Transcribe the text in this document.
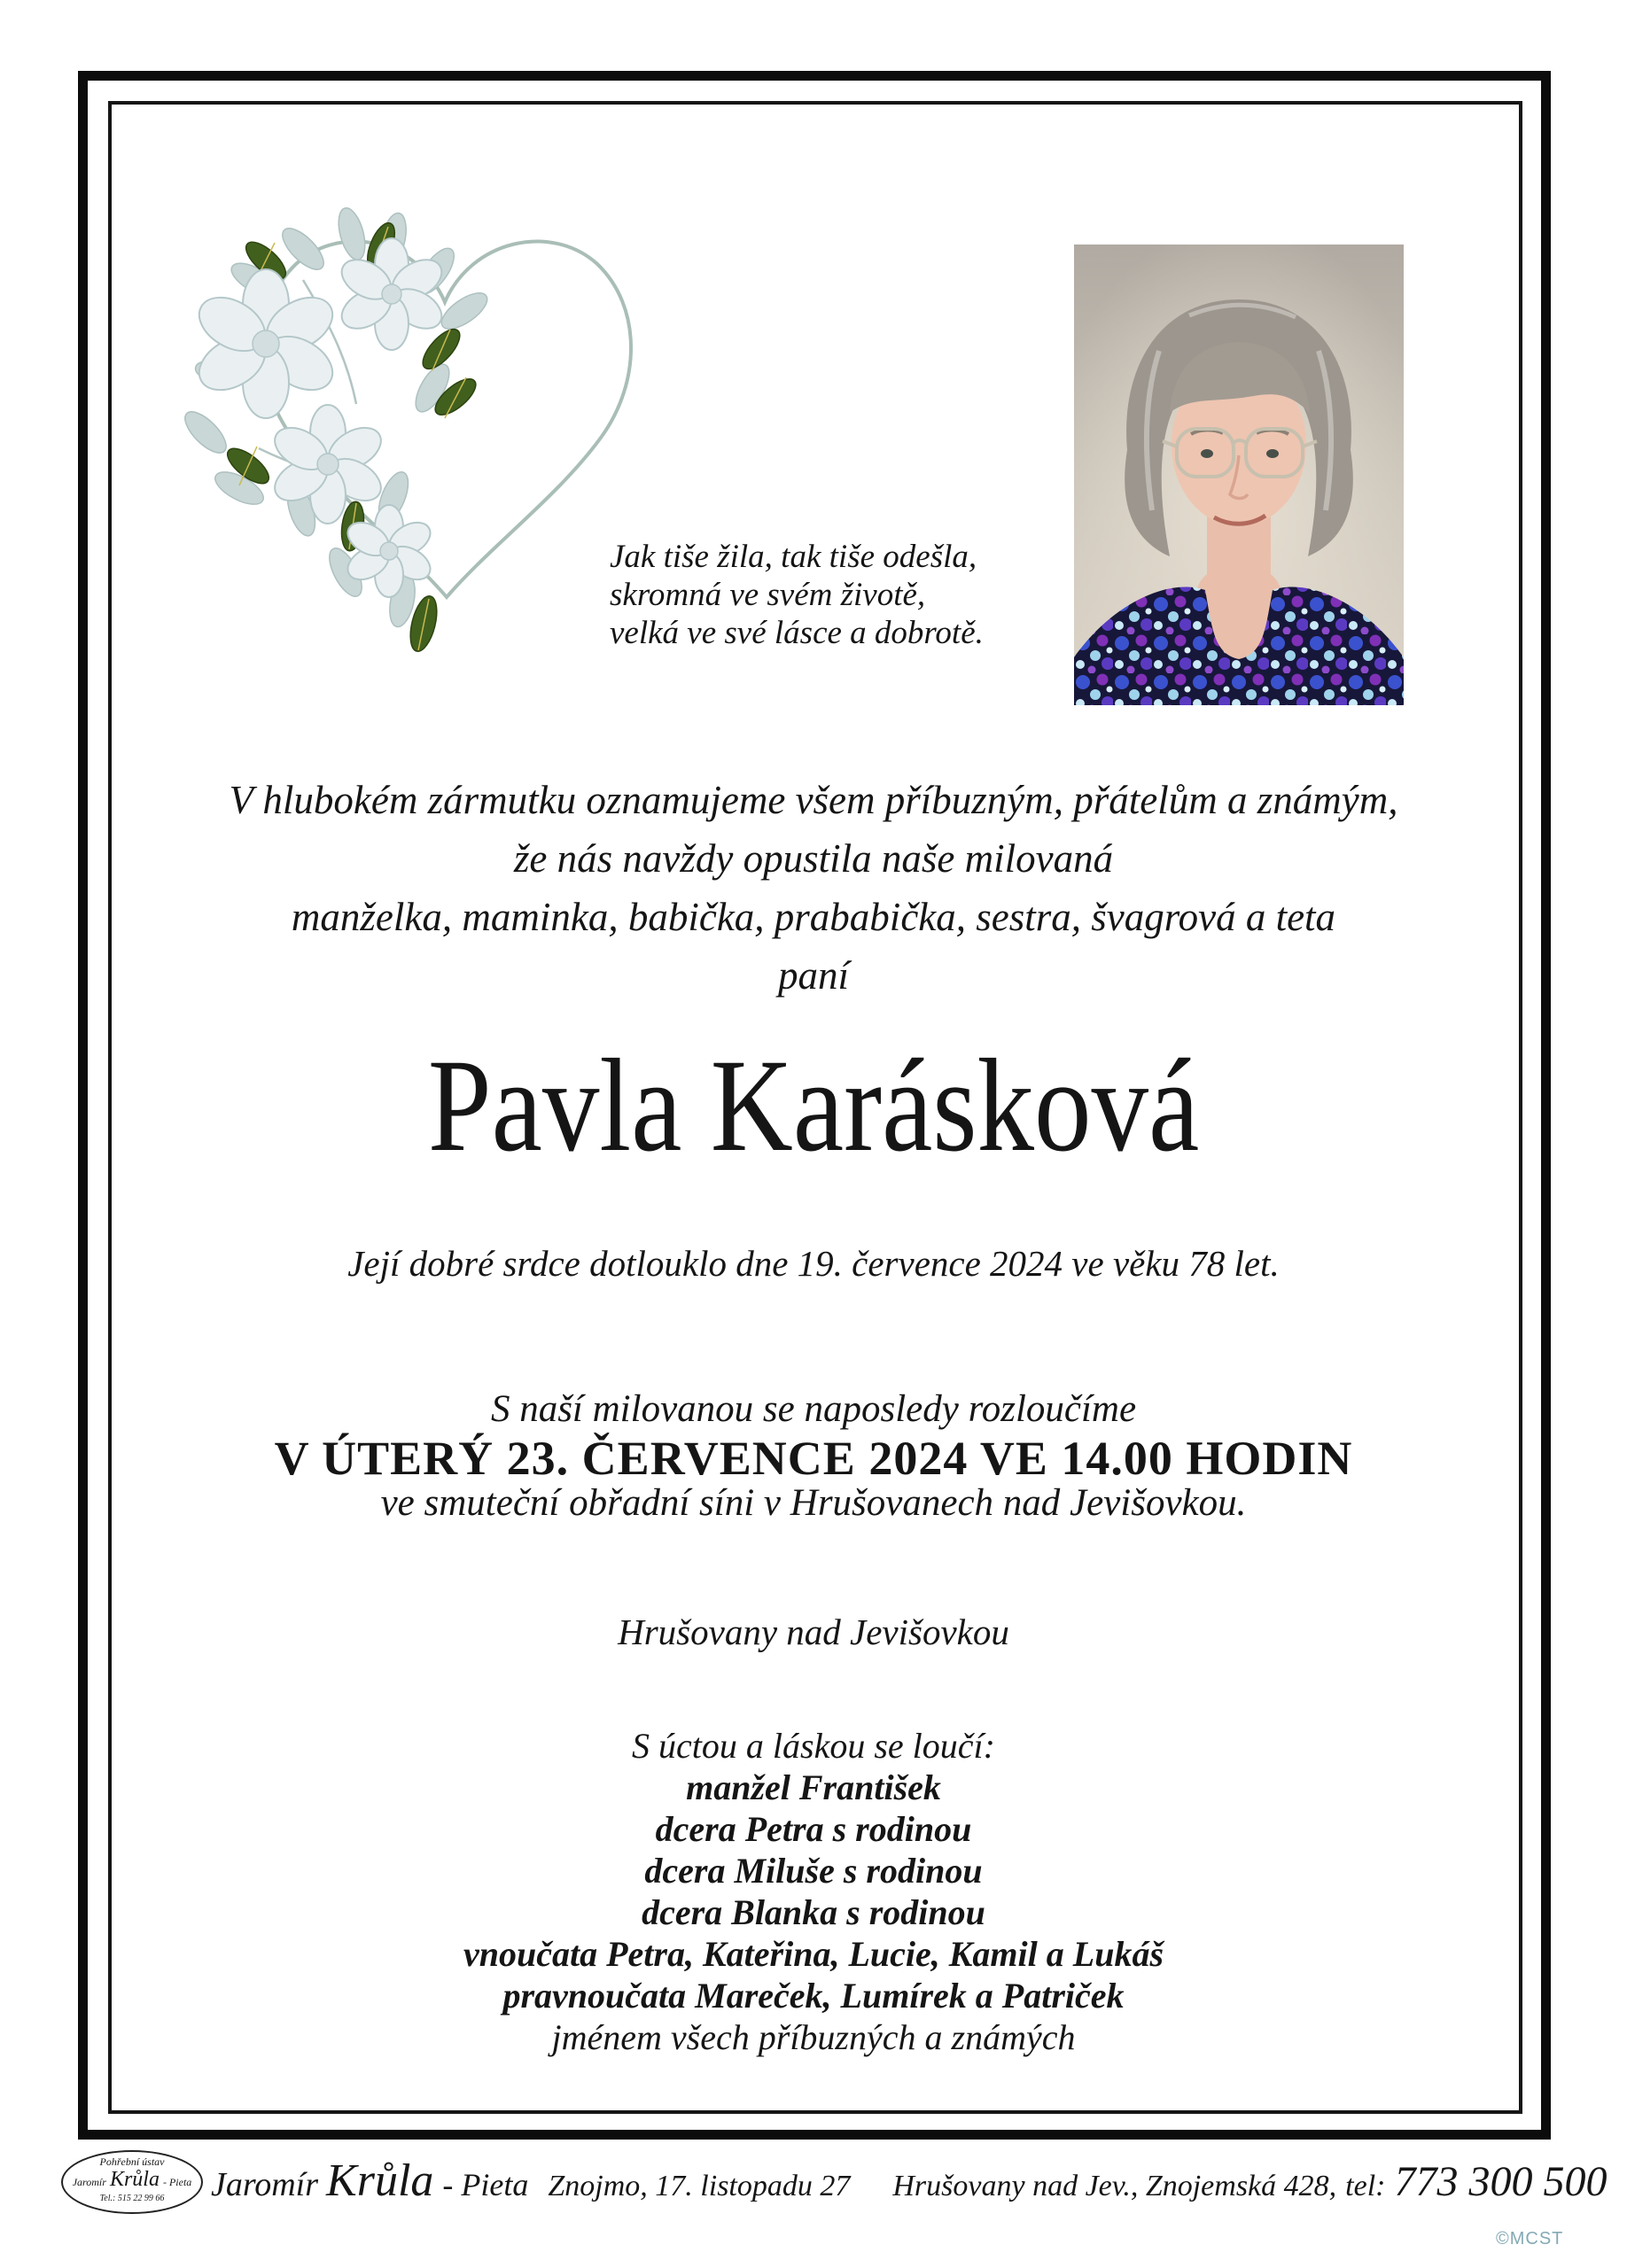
Jak tiše žila, tak tiše odešla,
skromná ve svém životě,
velká ve své lásce a dobrotě.
V hlubokém zármutku oznamujeme všem příbuzným, přátelům a známým,
že nás navždy opustila naše milovaná
manželka, maminka, babička, prababička, sestra, švagrová a teta
paní
Pavla Karásková
Její dobré srdce dotlouklo dne 19. července 2024 ve věku 78 let.
S naší milovanou se naposledy rozloučíme
V ÚTERÝ 23. ČERVENCE 2024 VE 14.00 HODIN
ve smuteční obřadní síni v Hrušovanech nad Jevišovkou.
Hrušovany nad Jevišovkou
S úctou a láskou se loučí:
manžel František
dcera Petra s rodinou
dcera Miluše s rodinou
dcera Blanka s rodinou
vnoučata Petra, Kateřina, Lucie, Kamil a Lukáš
pravnoučata Mareček, Lumírek a Patriček
jménem všech příbuzných a známých
Pohřební ústav
Jaromír Krůla - Pieta
Tel.: 515 22 99 66	Jaromír Krůla - Pieta Znojmo, 17. listopadu 27 Hrušovany nad Jev., Znojemská 428, tel: 773 300 500
©MCST
